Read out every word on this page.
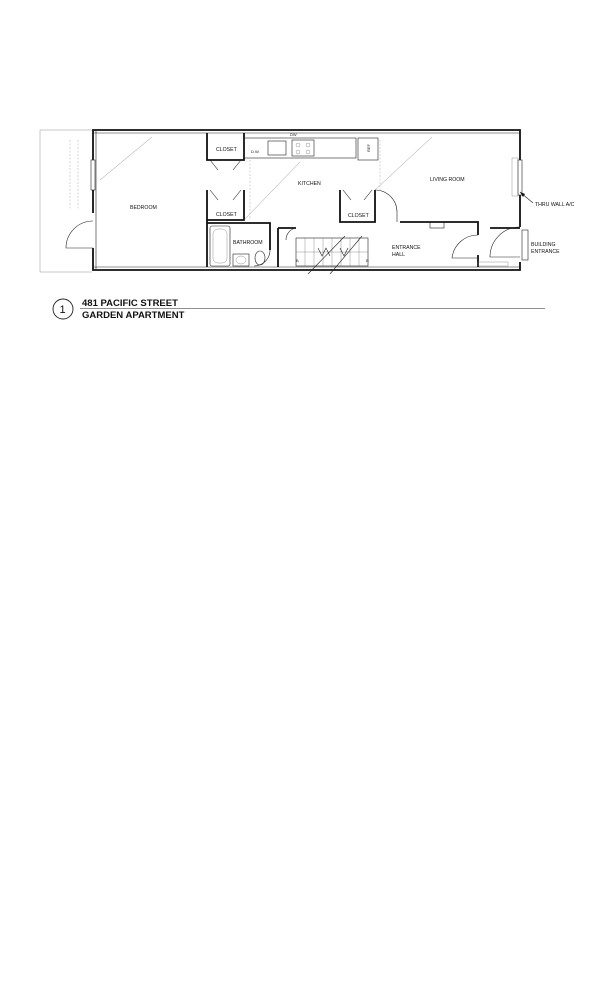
CLOSET	D.W.
DW
REF
KITCHEN
LIVING ROOM
BEDROOM
CLOSET	CLOSET
BATHROOM
ENTRANCE
HALL
BUILDING
ENTRANCE
THRU WALL A/C
B	B
1
481 PACIFIC STREET
GARDEN APARTMENT
